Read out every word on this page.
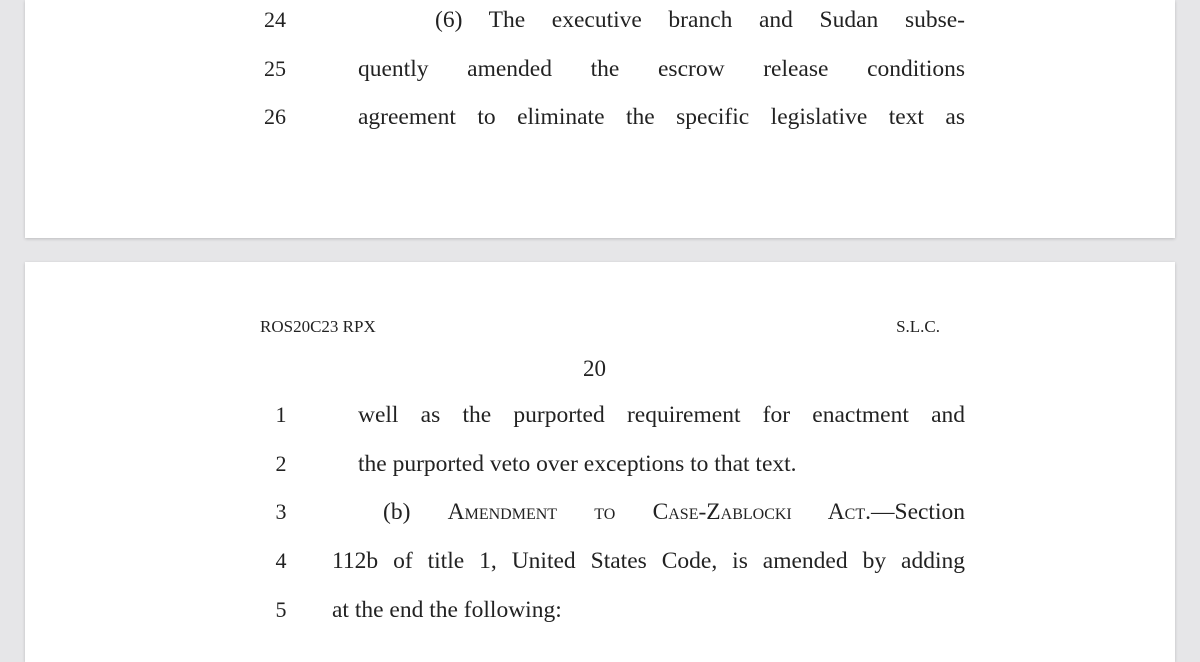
24	(6) The executive branch and Sudan subse-
25	quently amended the escrow release conditions
26	agreement to eliminate the specific legislative text as
ROS20C23 RPX	S.L.C.
20
1	well as the purported requirement for enactment and
2	the purported veto over exceptions to that text.
3	(b) Amendment to Case-Zablocki Act.—Section
4	112b of title 1, United States Code, is amended by adding
5	at the end the following:
